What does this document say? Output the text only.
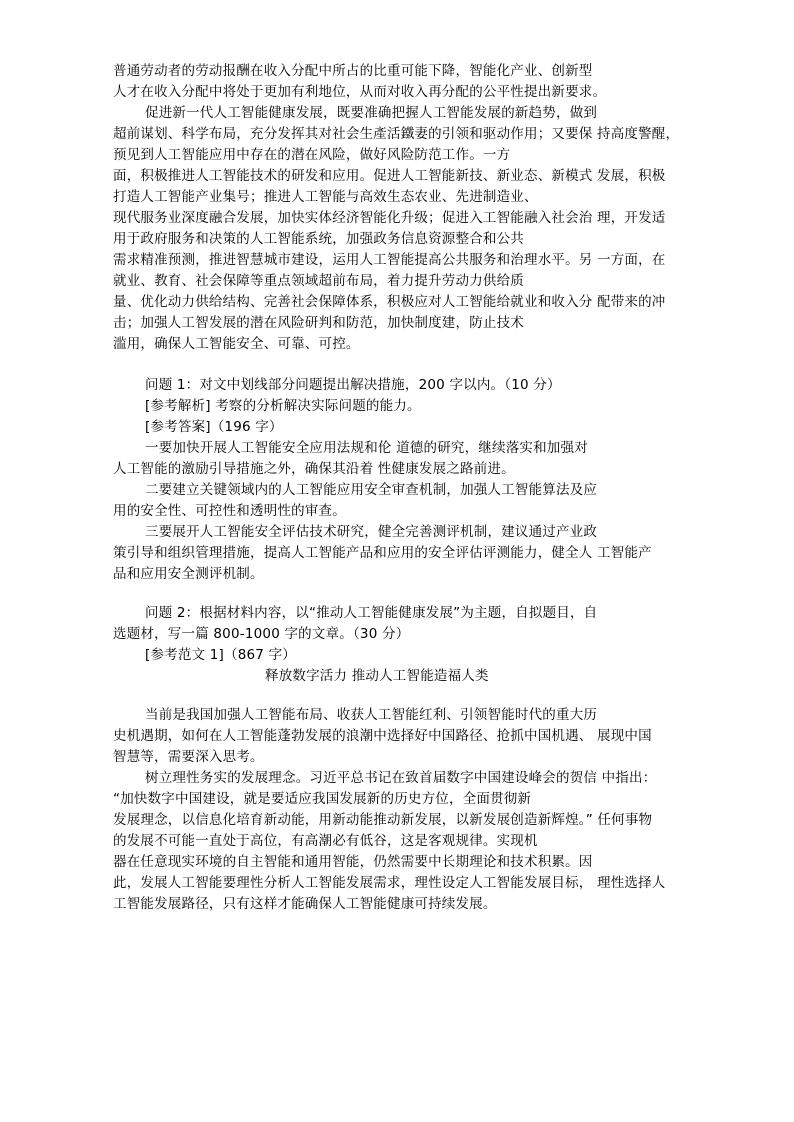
普通劳动者的劳动报酬在收入分配中所占的比重可能下降，智能化产业、创新型
人才在收入分配中将处于更加有利地位，从而对收入再分配的公平性提出新要求。
促进新一代人工智能健康发展，既要准确把握人工智能发展的新趋势，做到
超前谋划、科学布局，充分发挥其对社会生產活鐵妻的引领和驱动作用；又要保 持高度警醒，
预见到人工智能应用中存在的潜在风险，做好风险防范工作。一方
面，积极推进人工智能技术的研发和应用。促进人工智能新技、新业态、新模式 发展，积极
打造人工智能产业集号；推进人工智能与高效生态农业、先进制造业、
现代服务业深度融合发展，加快实体经济智能化升级；促进入工智能融入社会治 理，开发适
用于政府服务和决策的人工智能系统，加强政务信息资源整合和公共
需求精准预测，推进智慧城市建设，运用人工智能提高公共服务和治理水平。另 一方面，在
就业、教育、社会保障等重点领域超前布局，着力提升劳动力供给质
量、优化动力供给结构、完善社会保障体系，积极应对人工智能给就业和收入分 配带来的冲
击；加强人工智发展的潜在风险研判和防范，加快制度建，防止技术
滥用，确保人工智能安全、可靠、可控。
问题 1：对文中划线部分问题提出解决措施，200 字以内。（10 分）
[参考解析] 考察的分析解决实际问题的能力。
[参考答案]（196 字）
一要加快开展人工智能安全应用法规和伦 道德的研究，继续落实和加强对
人工智能的激励引导措施之外，确保其沿着 性健康发展之路前进。
二要建立关键领域内的人工智能应用安全审查机制，加强人工智能算法及应
用的安全性、可控性和透明性的审查。
三要展开人工智能安全评估技术研究，健全完善测评机制，建议通过产业政
策引导和组织管理措施，提高人工智能产品和应用的安全评估评测能力，健全人 工智能产
品和应用安全测评机制。
问题 2：根据材料内容，以“推动人工智能健康发展”为主题，自拟题目，自
选题材，写一篇 800-1000 字的文章。（30 分）
[参考范文 1]（867 字）
释放数字活力 推动人工智能造福人类
当前是我国加强人工智能布局、收获人工智能红利、引领智能时代的重大历
史机遇期，如何在人工智能蓬勃发展的浪潮中选择好中国路径、抢抓中国机遇、 展现中国
智慧等，需要深入思考。
树立理性务实的发展理念。习近平总书记在致首届数字中国建设峰会的贺信 中指出：
“加快数字中国建设，就是要适应我国发展新的历史方位，全面贯彻新
发展理念，以信息化培育新动能，用新动能推动新发展，以新发展创造新辉煌。” 任何事物
的发展不可能一直处于高位，有高潮必有低谷，这是客观规律。实现机
器在任意现实环境的自主智能和通用智能，仍然需要中长期理论和技术积累。因
此，发展人工智能要理性分析人工智能发展需求，理性设定人工智能发展目标， 理性选择人
工智能发展路径，只有这样才能确保人工智能健康可持续发展。
